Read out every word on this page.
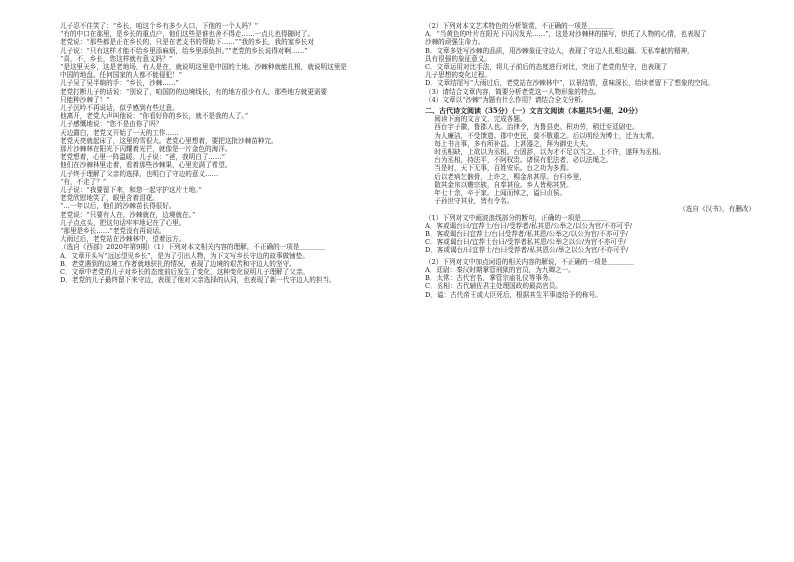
儿子忍不住笑了：“乡长，咱这个乡有多少人口，下他的一个人吗？”
“有的中口在那里，是乡长的重点户，他们这些是谁也舍不得走……一点儿也得随时了。
老党说：“那些都是正在乡长的，只是在老支书的帮助下……”“我的乡长，我的家乡长对
儿子说：“只有这样才能不给乡里添麻烦，给乡里添负担。”“老党的乡长说得对啊……”
“喜，不，乡长，您这样就有意义吗？”
“是这里天乡，这是老地场，有人是在，就说明这里是中国的土地。沙棘种就能扎根，就说明这里是
中国的地盘。任何国家的人都不能侵犯！”
儿子吴了吴半晌的手：“乡长，沙棘……”
老党打断儿子的话说：“别说了，咱国防的边境线长，有的地方很少有人，那些地方就更需要
只能种沙棘了！”
儿子沉吟不再说话，似乎感到有些过意。
他离开，老党大声叫他说：“你看好你的乡长，就不是我的人了。”
儿子感慨地说：“您不是由你了吗？
天边露白，老党又开始了一天的工作……
老党天亮就起床了，这里的雪很大。老党心里想着，要把这批沙棘苗种完。
那片沙棘林在阳光下闪耀着光芒，就像是一片金色的海洋。
老党想着，心里一阵温暖。儿子说：“爸，我明白了……”
他们在沙棘林里走着，看着那些沙棘果，心里充满了希望。
儿子终于理解了父亲的选择，也明白了守边的意义……
“有，不走了？”
儿子说：“我要留下来，和您一起守护这片土地。”
老党欣慰地笑了，眼里含着泪花。
“…一年以后，他们的沙棘苗长得很好。
老党说：“只要有人在，沙棘就在，边境就在。”
儿子点点头，把这句话牢牢地记在了心里。
“那里是乡长……”老党没有再说话。
大雨过后，老党站在沙棘林中，望着远方。
（选自《西部》2020年第9期）（1）下列对本文相关内容的理解，不正确的一项是＿＿＿＿
A．文章开头写“远远望见乡长”，是为了引出人物，为下文写乡长守边的故事做铺垫。
B．老党遇到的边境工作者就地驻扎的情况，表现了边境的艰苦和守边人的坚守。
C．文章中老党的儿子对乡长的态度前后发生了变化，这种变化说明儿子理解了父亲。
D．老党的儿子最终留下来守边，表现了他对父亲选择的认同，也表现了新一代守边人的担当。
（2）下列对本文艺术特色的分析鉴赏，不正确的一项是＿＿＿＿
A．“当黄色的叶片在阳光下闪闪发光……”，这是对沙棘林的描写，烘托了人物的心情，也表现了
沙棘的顽强生命力。
B．文章多处写沙棘的品质，用沙棘象征守边人，表现了守边人扎根边疆、无私奉献的精神，
具有很强的象征意义。
C．文章运用对比手法，将儿子前后的态度进行对比，突出了老党的坚守，也表现了
儿子思想的变化过程。
D．文章结尾写“大雨过后，老党站在沙棘林中”，以景结情，意味深长，给读者留下了想象的空间。
（3）请结合文章内容，简要分析老党这一人物形象的特点。
（4）文章以“沙棘”为题有什么作用？请结合全文分析。
二、古代诗文阅读（35分）（一）文言文阅读（本题共5小题，20分）
阅读下面的文言文，完成各题。
西台字子徽，鲁郡人也。治律令，为鲁县吏。积功劳，稍迁至廷尉史。
为人廉洁，不受馈遗。郡中吏民，莫不敬重之。后以明经为博士，迁为太常。
每上书言事，多有所补益。上甚器之，拜为御史大夫。
时丞相缺，上欲以为丞相。台固辞，以为才不足以当之。上不许，遂拜为丞相。
台为丞相，持法平，不阿权贵。诸侯有犯法者，必以法绳之。
当是时，天下无事，百姓安乐。台之功为多焉。
后以老病乞骸骨，上许之，赐金帛甚厚。台归乡里，
散其金帛以赡宗族，自奉甚俭。乡人皆称其贤。
年七十余，卒于家。上闻而悼之，谥曰贞侯。
子孙世守其业，皆有令名。
（选自《汉书》，有删改）
（1）下列对文中画波浪线部分的断句，正确的一项是＿＿＿＿
A．客或谒台曰/宜荐士/台曰/受荐者/私其恩/公举之/以公为官/不亦可乎/
B．客或谒台曰宜荐士/台曰受荐者/私其恩/公举之/以公为官/不亦可乎/
C．客或谒台曰/宜荐士台曰/受荐者私其恩/公举之以公/为官不亦可乎/
D．客或谒台/曰宜荐士/台曰受荐者/私其恩公/举之以公为官/不亦可乎/
（2）下列对文中加点词语的相关内容的解说，不正确的一项是＿＿＿＿
A．廷尉：秦汉时期掌管刑狱的官员，为九卿之一。
B．太常：古代官名，掌管宗庙礼仪等事务。
C．丞相：古代辅佐君主处理国政的最高官员。
D．谥：古代帝王或大臣死后，根据其生平事迹给予的称号。
